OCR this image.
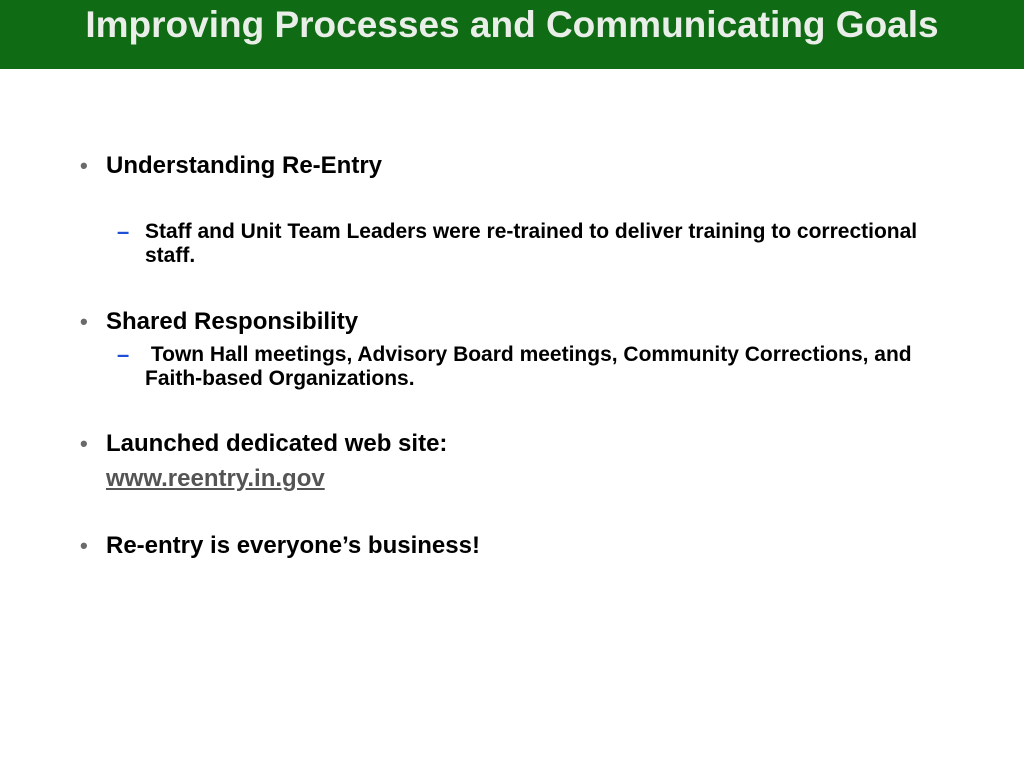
Improving Processes and Communicating Goals
• Understanding Re-Entry
– Staff and Unit Team Leaders were re-trained to deliver training to correctional staff.
• Shared Responsibility
– Town Hall meetings, Advisory Board meetings, Community Corrections, and Faith-based Organizations.
• Launched dedicated web site:
www.reentry.in.gov
• Re-entry is everyone’s business!
